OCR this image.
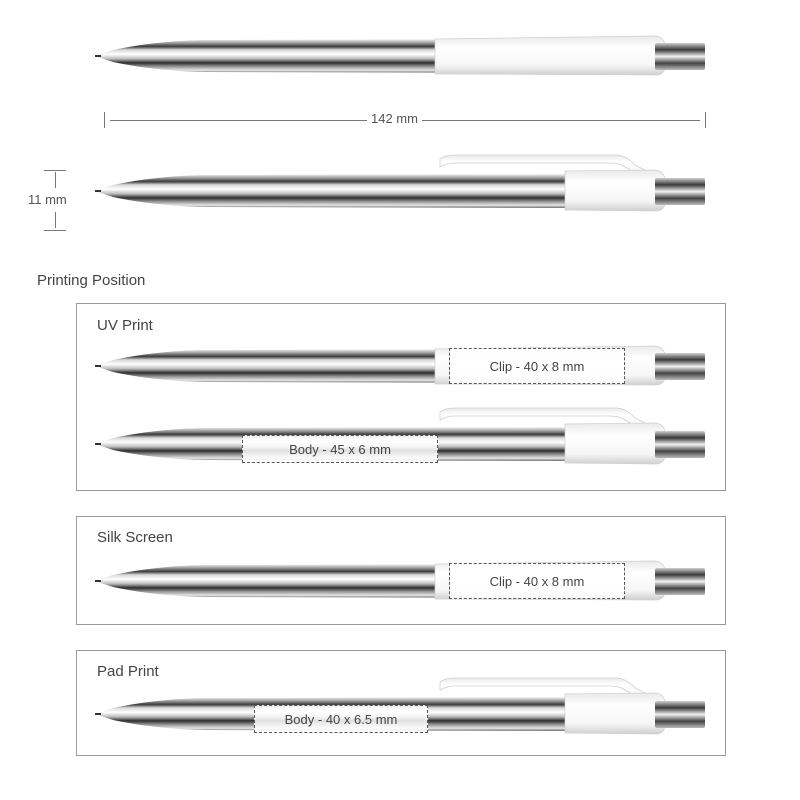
142 mm
11 mm
Printing Position
UV Print
Clip - 40 x 8 mm
Body - 45 x 6 mm
Silk Screen
Clip - 40 x 8 mm
Pad Print
Body - 40 x 6.5 mm
